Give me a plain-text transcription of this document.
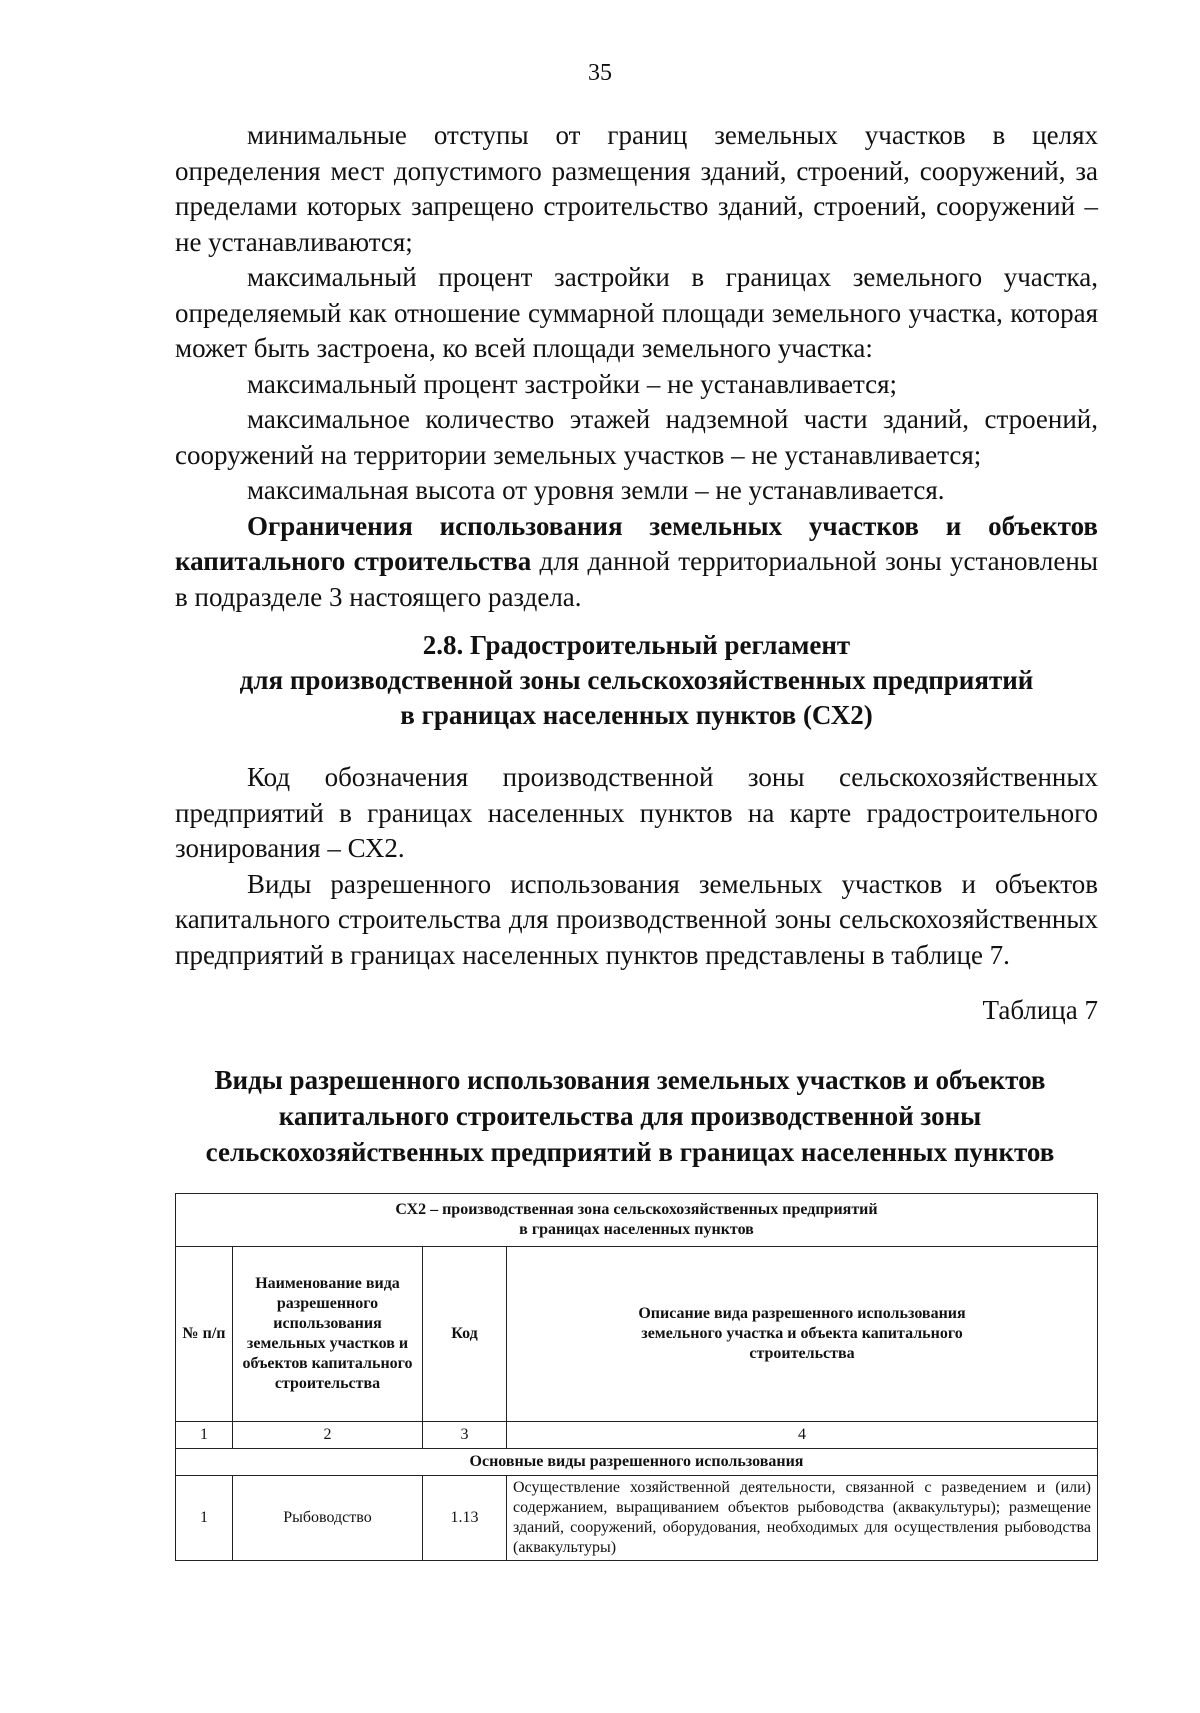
35

минимальные отступы от границ земельных участков в целях определения мест допустимого размещения зданий, строений, сооружений, за пределами которых запрещено строительство зданий, строений, сооружений – не устанавливаются;

максимальный процент застройки в границах земельного участка, определяемый как отношение суммарной площади земельного участка, которая может быть застроена, ко всей площади земельного участка:

максимальный процент застройки – не устанавливается;

максимальное количество этажей надземной части зданий, строений, сооружений на территории земельных участков – не устанавливается;

максимальная высота от уровня земли – не устанавливается.

Ограничения использования земельных участков и объектов капитального строительства для данной территориальной зоны установлены в подразделе 3 настоящего раздела.

2.8. Градостроительный регламент
для производственной зоны сельскохозяйственных предприятий
в границах населенных пунктов (СХ2)

Код обозначения производственной зоны сельскохозяйственных предприятий в границах населенных пунктов на карте градостроительного зонирования – СХ2.

Виды разрешенного использования земельных участков и объектов капитального строительства для производственной зоны сельскохозяйственных предприятий в границах населенных пунктов представлены в таблице 7.

Таблица 7
Виды разрешенного использования земельных участков и объектов
капитального строительства для производственной зоны
сельскохозяйственных предприятий в границах населенных пунктов
СХ2 – производственная зона сельскохозяйственных предприятий
в границах населенных пунктов			
№ п/п	Наименование вида разрешенного использования земельных участков и объектов капитального строительства	Код	Описание вида разрешенного использования земельного участка и объекта капитального строительства
1	2	3	4
Основные виды разрешенного использования			
1	Рыбоводство	1.13	Осуществление хозяйственной деятельности, связанной с разведением и (или) содержанием, выращиванием объектов рыбоводства (аквакультуры); размещение зданий, сооружений, оборудования, необходимых для осуществления рыбоводства (аквакультуры)
